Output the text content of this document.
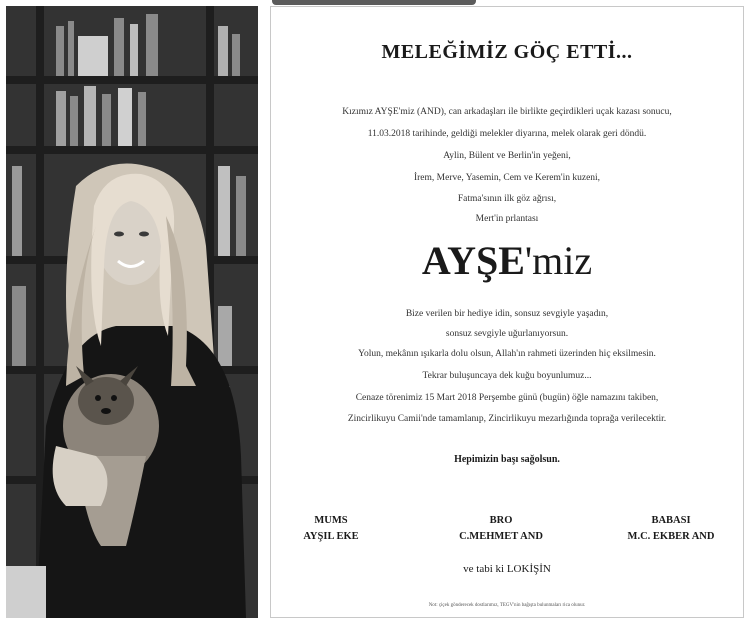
MELEĞİMİZ GÖÇ ETTİ...
Kızımız AYŞE'miz (AND), can arkadaşları ile birlikte geçirdikleri uçak kazası sonucu,
11.03.2018 tarihinde, geldiği melekler diyarına, melek olarak geri döndü.
Aylin, Bülent ve Berlin'in yeğeni,
İrem, Merve, Yasemin, Cem ve Kerem'in kuzeni,
Fatma'sının ilk göz ağrısı,
Mert'in prlantası
AYŞE'miz
Bize verilen bir hediye idin, sonsuz sevgiyle yaşadın,
sonsuz sevgiyle uğurlanıyorsun.
Yolun, mekânın ışıkarla dolu olsun, Allah'ın rahmeti üzerinden hiç eksilmesin.
Tekrar buluşuncaya dek kuğu boyunlumuz...
Cenaze törenimiz 15 Mart 2018 Perşembe günü (bugün) öğle namazını takiben,
Zincirlikuyu Camii'nde tamamlanıp, Zincirlikuyu mezarlığında toprağa verilecektir.
Hepimizin başı sağolsun.
MUMS
AYŞIL EKE
BRO
C.MEHMET AND
BABASI
M.C. EKBER AND
ve tabi ki LOKİŞİN
Not: çiçek gönderecek dostlarımız, TEGV'nin bağışta bulunmaları rica olunur.
